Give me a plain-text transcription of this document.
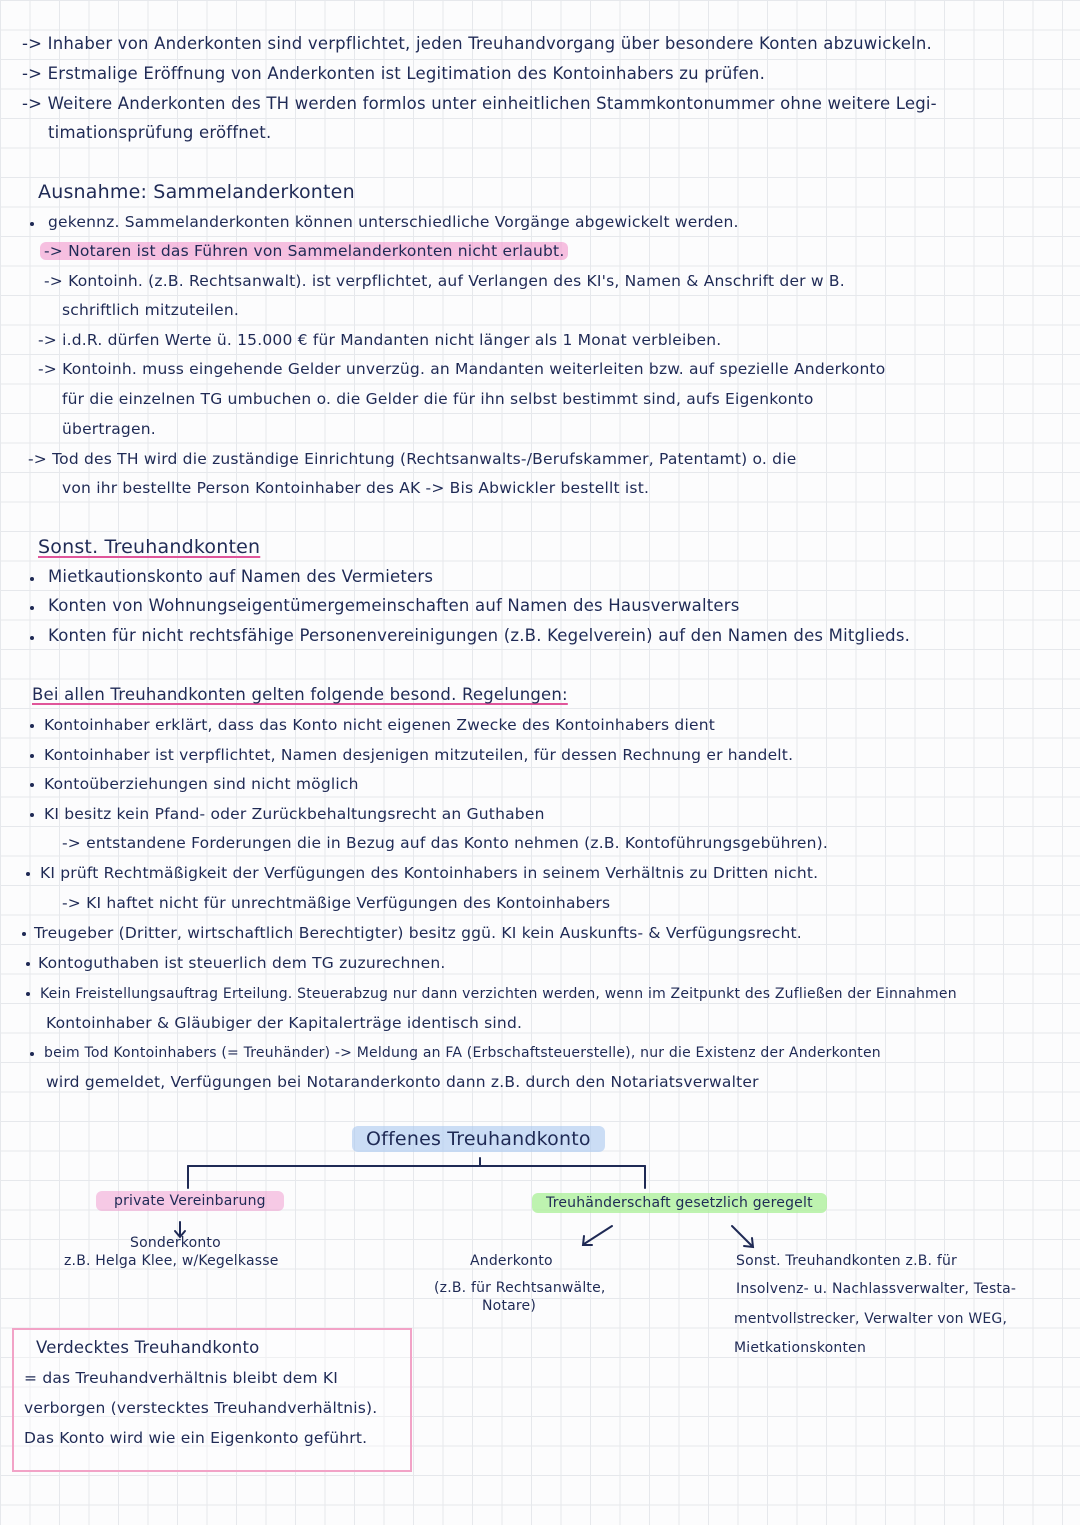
-> Inhaber von Anderkonten sind verpflichtet, jeden Treuhandvorgang über besondere Konten abzuwickeln.
-> Erstmalige Eröffnung von Anderkonten ist Legitimation des Kontoinhabers zu prüfen.
-> Weitere Anderkonten des TH werden formlos unter einheitlichen Stammkontonummer ohne weitere Legi-
timationsprüfung eröffnet.
Ausnahme: Sammelanderkonten
gekennz. Sammelanderkonten können unterschiedliche Vorgänge abgewickelt werden.
-> Notaren ist das Führen von Sammelanderkonten nicht erlaubt.
-> Kontoinh. (z.B. Rechtsanwalt). ist verpflichtet, auf Verlangen des KI's, Namen & Anschrift der w B.
schriftlich mitzuteilen.
-> i.d.R. dürfen Werte ü. 15.000 € für Mandanten nicht länger als 1 Monat verbleiben.
-> Kontoinh. muss eingehende Gelder unverzüg. an Mandanten weiterleiten bzw. auf spezielle Anderkonto
für die einzelnen TG umbuchen o. die Gelder die für ihn selbst bestimmt sind, aufs Eigenkonto
übertragen.
-> Tod des TH wird die zuständige Einrichtung (Rechtsanwalts-/Berufskammer, Patentamt) o. die
von ihr bestellte Person Kontoinhaber des AK -> Bis Abwickler bestellt ist.
Sonst. Treuhandkonten
Mietkautionskonto auf Namen des Vermieters
Konten von Wohnungseigentümergemeinschaften auf Namen des Hausverwalters
Konten für nicht rechtsfähige Personenvereinigungen (z.B. Kegelverein) auf den Namen des Mitglieds.
Bei allen Treuhandkonten gelten folgende besond. Regelungen:
Kontoinhaber erklärt, dass das Konto nicht eigenen Zwecke des Kontoinhabers dient
Kontoinhaber ist verpflichtet, Namen desjenigen mitzuteilen, für dessen Rechnung er handelt.
Kontoüberziehungen sind nicht möglich
KI besitz kein Pfand- oder Zurückbehaltungsrecht an Guthaben
-> entstandene Forderungen die in Bezug auf das Konto nehmen (z.B. Kontoführungsgebühren).
KI prüft Rechtmäßigkeit der Verfügungen des Kontoinhabers in seinem Verhältnis zu Dritten nicht.
-> KI haftet nicht für unrechtmäßige Verfügungen des Kontoinhabers
Treugeber (Dritter, wirtschaftlich Berechtigter) besitz ggü. KI kein Auskunfts- & Verfügungsrecht.
Kontoguthaben ist steuerlich dem TG zuzurechnen.
Kein Freistellungsauftrag Erteilung. Steuerabzug nur dann verzichten werden, wenn im Zeitpunkt des Zufließen der Einnahmen
Kontoinhaber & Gläubiger der Kapitalerträge identisch sind.
beim Tod Kontoinhabers (= Treuhänder) -> Meldung an FA (Erbschaftsteuerstelle), nur die Existenz der Anderkonten
wird gemeldet, Verfügungen bei Notaranderkonto dann z.B. durch den Notariatsverwalter
Offenes Treuhandkonto
private Vereinbarung
Sonderkonto
z.B. Helga Klee, w/Kegelkasse
Treuhänderschaft gesetzlich geregelt
Anderkonto
(z.B. für Rechtsanwälte,
Notare)
Sonst. Treuhandkonten z.B. für
Insolvenz- u. Nachlassverwalter, Testa-
mentvollstrecker, Verwalter von WEG,
Mietkationskonten
Verdecktes Treuhandkonto
= das Treuhandverhältnis bleibt dem KI
verborgen (verstecktes Treuhandverhältnis).
Das Konto wird wie ein Eigenkonto geführt.
